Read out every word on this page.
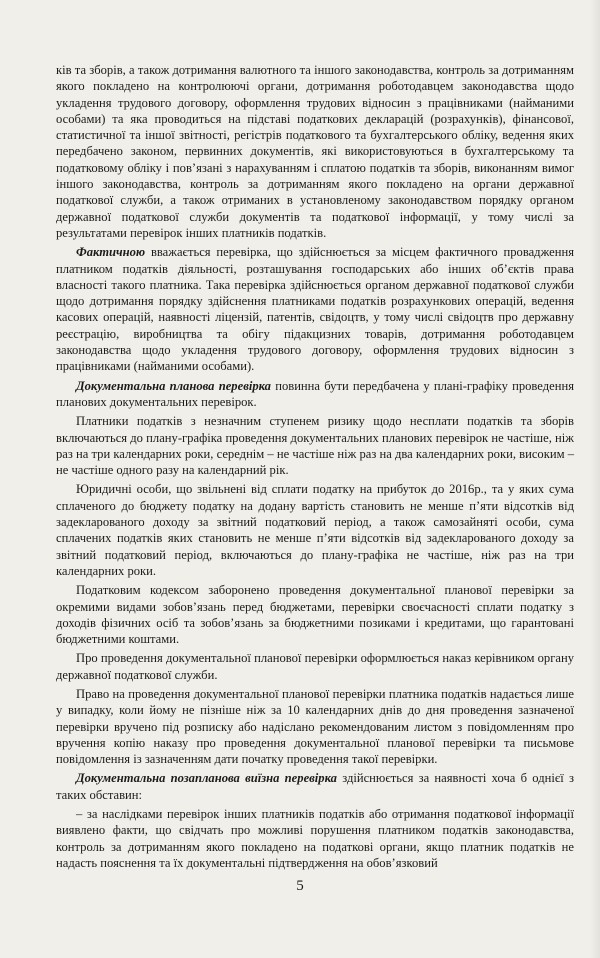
ків та зборів, а також дотримання валютного та іншого законодавства, контроль за дотриманням якого покладено на контролюючі органи, дотримання роботодавцем законодавства щодо укладення трудового договору, оформлення трудових відносин з працівниками (найманими особами) та яка проводиться на підставі податкових декларацій (розрахунків), фінансової, статистичної та іншої звітності, регістрів податкового та бухгалтерського обліку, ведення яких передбачено законом, первинних документів, які використовуються в бухгалтерському та податковому обліку і пов’язані з нарахуванням і сплатою податків та зборів, виконанням вимог іншого законодавства, контроль за дотриманням якого покладено на органи державної податкової служби, а також отриманих в установленому законодавством порядку органом державної податкової служби документів та податкової інформації, у тому числі за результатами перевірок інших платників податків.

Фактичною вважається перевірка, що здійснюється за місцем фактичного провадження платником податків діяльності, розташування господарських або інших об’єктів права власності такого платника. Така перевірка здійснюється органом державної податкової служби щодо дотримання порядку здійснення платниками податків розрахункових операцій, ведення касових операцій, наявності ліцензій, патентів, свідоцтв, у тому числі свідоцтв про державну реєстрацію, виробництва та обігу підакцизних товарів, дотримання роботодавцем законодавства щодо укладення трудового договору, оформлення трудових відносин з працівниками (найманими особами).

Документальна планова перевірка повинна бути передбачена у плані-графіку проведення планових документальних перевірок.

Платники податків з незначним ступенем ризику щодо несплати податків та зборів включаються до плану-графіка проведення документальних планових перевірок не частіше, ніж раз на три календарних роки, середнім – не частіше ніж раз на два календарних роки, високим – не частіше одного разу на календарний рік.

Юридичні особи, що звільнені від сплати податку на прибуток до 2016р., та у яких сума сплаченого до бюджету податку на додану вартість становить не менше п’яти відсотків від задекларованого доходу за звітний податковий період, а також самозайняті особи, сума сплачених податків яких становить не менше п’яти відсотків від задекларованого доходу за звітний податковий період, включаються до плану-графіка не частіше, ніж раз на три календарних роки.

Податковим кодексом заборонено проведення документальної планової перевірки за окремими видами зобов’язань перед бюджетами, перевірки своєчасності сплати податку з доходів фізичних осіб та зобов’язань за бюджетними позиками і кредитами, що гарантовані бюджетними коштами.

Про проведення документальної планової перевірки оформлюється наказ керівником органу державної податкової служби.

Право на проведення документальної планової перевірки платника податків надається лише у випадку, коли йому не пізніше ніж за 10 календарних днів до дня проведення зазначеної перевірки вручено під розписку або надіслано рекомендованим листом з повідомленням про вручення копію наказу про проведення документальної планової перевірки та письмове повідомлення із зазначенням дати початку проведення такої перевірки.

Документальна позапланова виїзна перевірка здійснюється за наявності хоча б однієї з таких обставин:

– за наслідками перевірок інших платників податків або отримання податкової інформації виявлено факти, що свідчать про можливі порушення платником податків законодавства, контроль за дотриманням якого покладено на податкові органи, якщо платник податків не надасть пояснення та їх документальні підтвердження на обов’язковий

5
